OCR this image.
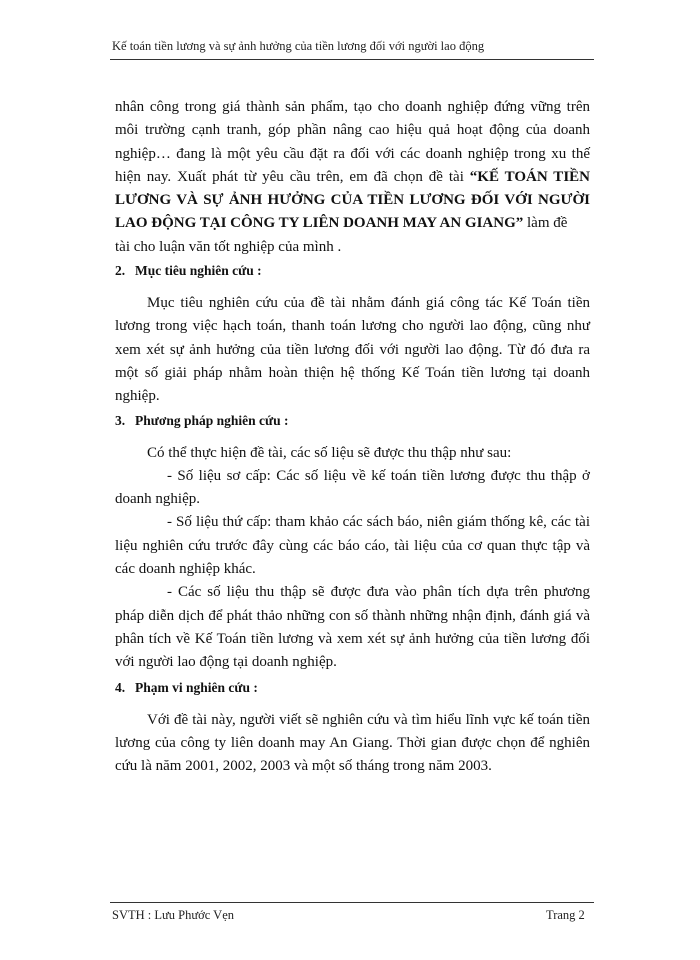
Kế toán tiền lương và sự ảnh hưởng của tiền lương đối với người lao động

nhân công trong giá thành sản phẩm, tạo cho doanh nghiệp đứng vững trên
môi trường cạnh tranh, góp phần nâng cao hiệu quả hoạt động của doanh
nghiệp… đang là một yêu cầu đặt ra đối với các doanh nghiệp trong xu thế
hiện nay. Xuất phát từ yêu cầu trên, em đã chọn đề tài “KẾ TOÁN TIỀN
LƯƠNG VÀ SỰ ẢNH HƯỞNG CỦA TIỀN LƯƠNG ĐỐI VỚI NGƯỜI
LAO ĐỘNG TẠI CÔNG TY LIÊN DOANH MAY AN GIANG” làm đề
tài cho luận văn tốt nghiệp của mình .

2. Mục tiêu nghiên cứu :

Mục tiêu nghiên cứu của đề tài nhằm đánh giá công tác Kế Toán tiền lương trong việc hạch toán, thanh toán lương cho người lao động, cũng như xem xét sự ảnh hưởng của tiền lương đối với người lao động. Từ đó đưa ra một số giải pháp nhằm hoàn thiện hệ thống Kế Toán tiền lương tại doanh nghiệp.

3. Phương pháp nghiên cứu :

Có thể thực hiện đề tài, các số liệu sẽ được thu thập như sau:

- Số liệu sơ cấp: Các số liệu về kế toán tiền lương được thu thập ở doanh nghiệp.

- Số liệu thứ cấp: tham khảo các sách báo, niên giám thống kê, các tài liệu nghiên cứu trước đây cùng các báo cáo, tài liệu của cơ quan thực tập và các doanh nghiệp khác.

- Các số liệu thu thập sẽ được đưa vào phân tích dựa trên phương pháp diễn dịch để phát thảo những con số thành những nhận định, đánh giá và phân tích về Kế Toán tiền lương và xem xét sự ảnh hưởng của tiền lương đối với người lao động tại doanh nghiệp.

4. Phạm vi nghiên cứu :

Với đề tài này, người viết sẽ nghiên cứu và tìm hiểu lĩnh vực kế toán tiền lương của công ty liên doanh may An Giang. Thời gian được chọn để nghiên cứu là năm 2001, 2002, 2003 và một số tháng trong năm 2003.

SVTH : Lưu Phước Vẹn	Trang 2
